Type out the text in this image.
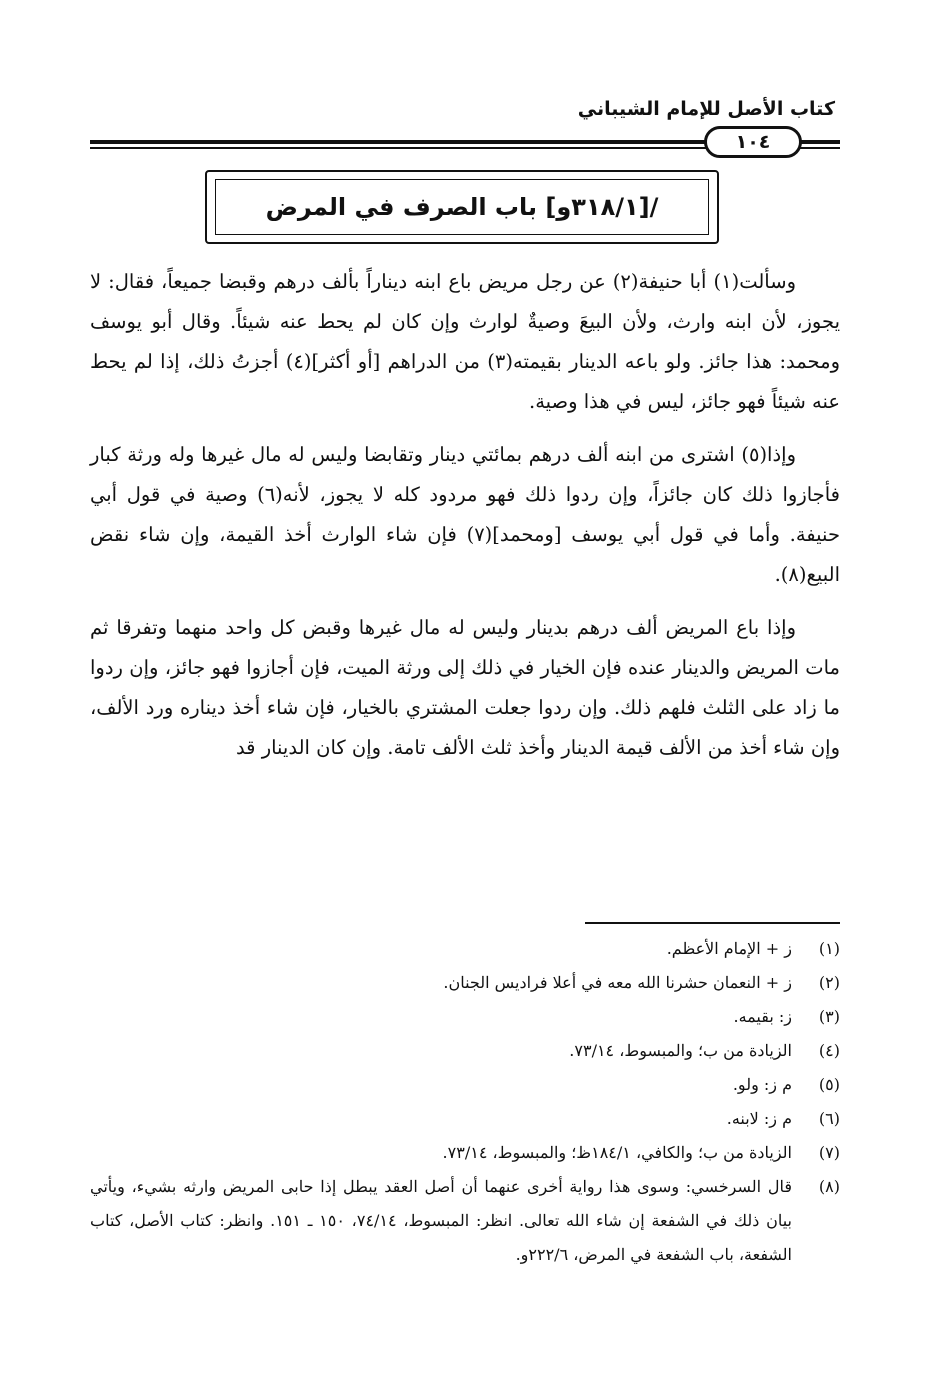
كتاب الأصل للإمام الشيباني
١٠٤
/[٣١٨/١و] باب الصرف في المرض

وسألت(١) أبا حنيفة(٢) عن رجل مريض باع ابنه ديناراً بألف درهم وقبضا جميعاً، فقال: لا يجوز، لأن ابنه وارث، ولأن البيعَ وصيةٌ لوارث وإن كان لم يحط عنه شيئاً. وقال أبو يوسف ومحمد: هذا جائز. ولو باعه الدينار بقيمته(٣) من الدراهم [أو أكثر](٤) أجزتُ ذلك، إذا لم يحط عنه شيئاً فهو جائز، ليس في هذا وصية.

وإذا(٥) اشترى من ابنه ألف درهم بمائتي دينار وتقابضا وليس له مال غيرها وله ورثة كبار فأجازوا ذلك كان جائزاً، وإن ردوا ذلك فهو مردود كله لا يجوز، لأنه(٦) وصية في قول أبي حنيفة. وأما في قول أبي يوسف [ومحمد](٧) فإن شاء الوارث أخذ القيمة، وإن شاء نقض البيع(٨).

وإذا باع المريض ألف درهم بدينار وليس له مال غيرها وقبض كل واحد منهما وتفرقا ثم مات المريض والدينار عنده فإن الخيار في ذلك إلى ورثة الميت، فإن أجازوا فهو جائز، وإن ردوا ما زاد على الثلث فلهم ذلك. وإن ردوا جعلت المشتري بالخيار، فإن شاء أخذ ديناره ورد الألف، وإن شاء أخذ من الألف قيمة الدينار وأخذ ثلث الألف تامة. وإن كان الدينار قد

(١)
ز + الإمام الأعظم.
(٢)
ز + النعمان حشرنا الله معه في أعلا فراديس الجنان.
(٣)
ز: بقيمه.
(٤)
الزيادة من ب؛ والمبسوط، ٧٣/١٤.
(٥)
م ز: ولو.
(٦)
م ز: لابنه.
(٧)
الزيادة من ب؛ والكافي، ١٨٤/١ظ؛ والمبسوط، ٧٣/١٤.
(٨)
قال السرخسي: وسوى هذا رواية أخرى عنهما أن أصل العقد يبطل إذا حابى المريض وارثه بشيء، ويأتي بيان ذلك في الشفعة إن شاء الله تعالى. انظر: المبسوط، ٧٤/١٤، ١٥٠ ـ ١٥١. وانظر: كتاب الأصل، كتاب الشفعة، باب الشفعة في المرض، ٢٢٢/٦و.
